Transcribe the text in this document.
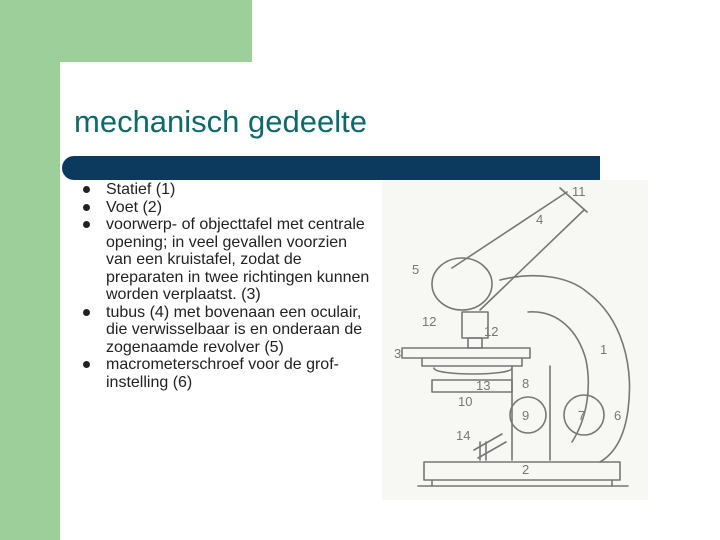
mechanisch gedeelte
Statief (1)
Voet (2)
voorwerp- of objecttafel met centrale opening; in veel gevallen voorzien van een kruistafel, zodat de preparaten in twee richtingen kunnen worden verplaatst. (3)
tubus (4) met bovenaan een oculair, die verwisselbaar is en onderaan de zogenaamde revolver (5)
macrometerschroef voor de grof-instelling (6)
11
4
5
12
12
3	1
13 8
10
9	7 6
14
2
